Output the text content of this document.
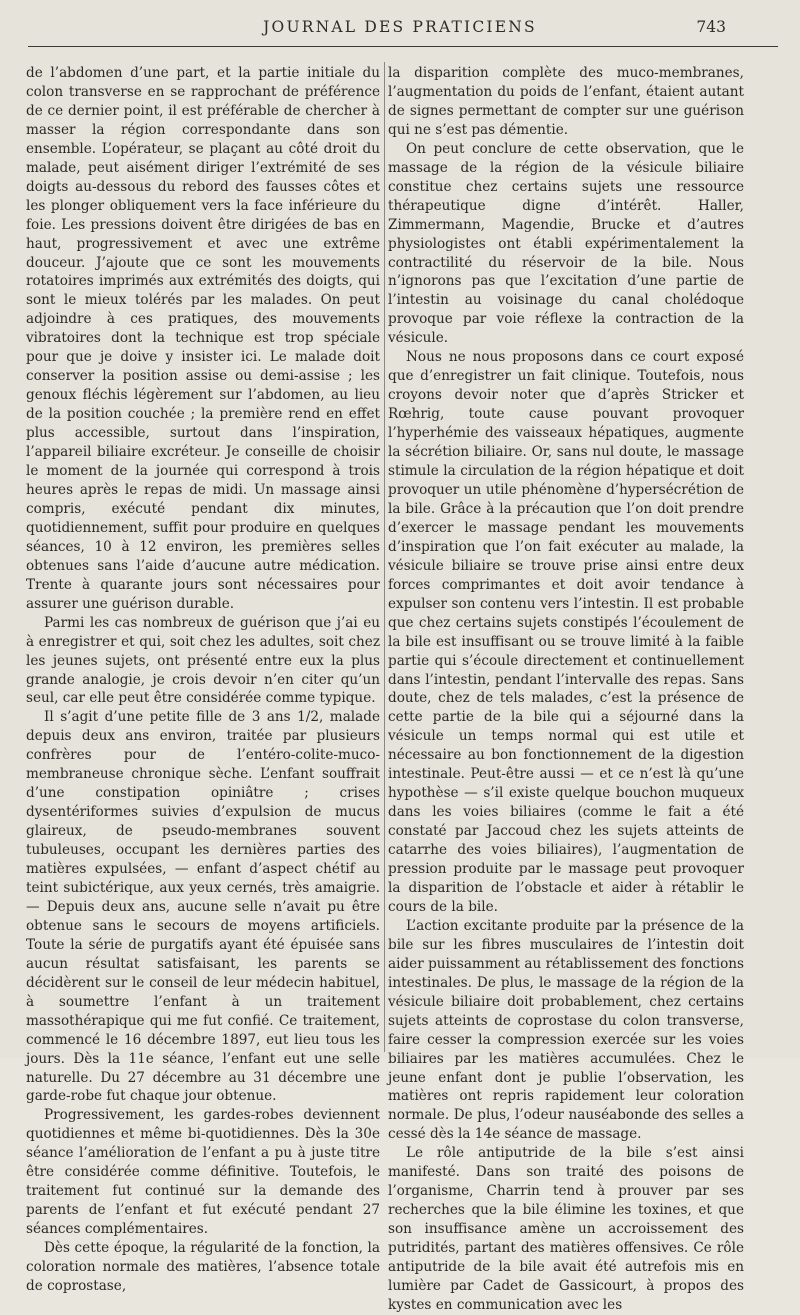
JOURNAL DES PRATICIENS	743

de l’abdomen d’une part, et la partie initiale du colon transverse en se rapprochant de préférence de ce dernier point, il est préférable de chercher à masser la région correspondante dans son ensemble. L’opérateur, se plaçant au côté droit du malade, peut aisément diriger l’extrémité de ses doigts au-dessous du rebord des fausses côtes et les plonger obliquement vers la face inférieure du foie. Les pressions doivent être dirigées de bas en haut, progressivement et avec une extrême douceur. J’ajoute que ce sont les mouvements rotatoires imprimés aux extrémités des doigts, qui sont le mieux tolérés par les malades. On peut adjoindre à ces pratiques, des mouvements vibratoires dont la technique est trop spéciale pour que je doive y insister ici. Le malade doit conserver la position assise ou demi-assise ; les genoux fléchis légèrement sur l’abdomen, au lieu de la position couchée ; la première rend en effet plus accessible, surtout dans l’inspiration, l’appareil biliaire excréteur. Je conseille de choisir le moment de la journée qui correspond à trois heures après le repas de midi. Un massage ainsi compris, exécuté pendant dix minutes, quotidiennement, suffit pour produire en quelques séances, 10 à 12 environ, les premières selles obtenues sans l’aide d’aucune autre médication. Trente à quarante jours sont nécessaires pour assurer une guérison durable.

Parmi les cas nombreux de guérison que j’ai eu à enregistrer et qui, soit chez les adultes, soit chez les jeunes sujets, ont présenté entre eux la plus grande analogie, je crois devoir n’en citer qu’un seul, car elle peut être considérée comme typique.

Il s’agit d’une petite fille de 3 ans 1/2, malade depuis deux ans environ, traitée par plusieurs confrères pour de l’entéro-colite-muco-membraneuse chronique sèche. L’enfant souffrait d’une constipation opiniâtre ; crises dysentériformes suivies d’expulsion de mucus glaireux, de pseudo-membranes souvent tubuleuses, occupant les dernières parties des matières expulsées, — enfant d’aspect chétif au teint subictérique, aux yeux cernés, très amaigrie. — Depuis deux ans, aucune selle n’avait pu être obtenue sans le secours de moyens artificiels. Toute la série de purgatifs ayant été épuisée sans aucun résultat satisfaisant, les parents se décidèrent sur le conseil de leur médecin habituel, à soumettre l’enfant à un traitement massothérapique qui me fut confié. Ce traitement, commencé le 16 décembre 1897, eut lieu tous les jours. Dès la 11e séance, l’enfant eut une selle naturelle. Du 27 décembre au 31 décembre une garde-robe fut chaque jour obtenue.

Progressivement, les gardes-robes deviennent quotidiennes et même bi-quotidiennes. Dès la 30e séance l’amélioration de l’enfant a pu à juste titre être considérée comme définitive. Toutefois, le traitement fut continué sur la demande des parents de l’enfant et fut exécuté pendant 27 séances complémentaires.

Dès cette époque, la régularité de la fonction, la coloration normale des matières, l’absence totale de coprostase,

la disparition complète des muco-membranes, l’augmentation du poids de l’enfant, étaient autant de signes permettant de compter sur une guérison qui ne s’est pas démentie.

On peut conclure de cette observation, que le massage de la région de la vésicule biliaire constitue chez certains sujets une ressource thérapeutique digne d’intérêt. Haller, Zimmermann, Magendie, Brucke et d’autres physiologistes ont établi expérimentalement la contractilité du réservoir de la bile. Nous n’ignorons pas que l’excitation d’une partie de l’intestin au voisinage du canal cholédoque provoque par voie réflexe la contraction de la vésicule.

Nous ne nous proposons dans ce court exposé que d’enregistrer un fait clinique. Toutefois, nous croyons devoir noter que d’après Stricker et Rœhrig, toute cause pouvant provoquer l’hyperhémie des vaisseaux hépatiques, augmente la sécrétion biliaire. Or, sans nul doute, le massage stimule la circulation de la région hépatique et doit provoquer un utile phénomène d’hypersécrétion de la bile. Grâce à la précaution que l’on doit prendre d’exercer le massage pendant les mouvements d’inspiration que l’on fait exécuter au malade, la vésicule biliaire se trouve prise ainsi entre deux forces comprimantes et doit avoir tendance à expulser son contenu vers l’intestin. Il est probable que chez certains sujets constipés l’écoulement de la bile est insuffisant ou se trouve limité à la faible partie qui s’écoule directement et continuellement dans l’intestin, pendant l’intervalle des repas. Sans doute, chez de tels malades, c’est la présence de cette partie de la bile qui a séjourné dans la vésicule un temps normal qui est utile et nécessaire au bon fonctionnement de la digestion intestinale. Peut-être aussi — et ce n’est là qu’une hypothèse — s’il existe quelque bouchon muqueux dans les voies biliaires (comme le fait a été constaté par Jaccoud chez les sujets atteints de catarrhe des voies biliaires), l’augmentation de pression produite par le massage peut provoquer la disparition de l’obstacle et aider à rétablir le cours de la bile.

L’action excitante produite par la présence de la bile sur les fibres musculaires de l’intestin doit aider puissamment au rétablissement des fonctions intestinales. De plus, le massage de la région de la vésicule biliaire doit probablement, chez certains sujets atteints de coprostase du colon transverse, faire cesser la compression exercée sur les voies biliaires par les matières accumulées. Chez le jeune enfant dont je publie l’observation, les matières ont repris rapidement leur coloration normale. De plus, l’odeur nauséabonde des selles a cessé dès la 14e séance de massage.

Le rôle antiputride de la bile s’est ainsi manifesté. Dans son traité des poisons de l’organisme, Charrin tend à prouver par ses recherches que la bile élimine les toxines, et que son insuffisance amène un accroissement des putridités, partant des matières offensives. Ce rôle antiputride de la bile avait été autrefois mis en lumière par Cadet de Gassicourt, à propos des kystes en communication avec les
